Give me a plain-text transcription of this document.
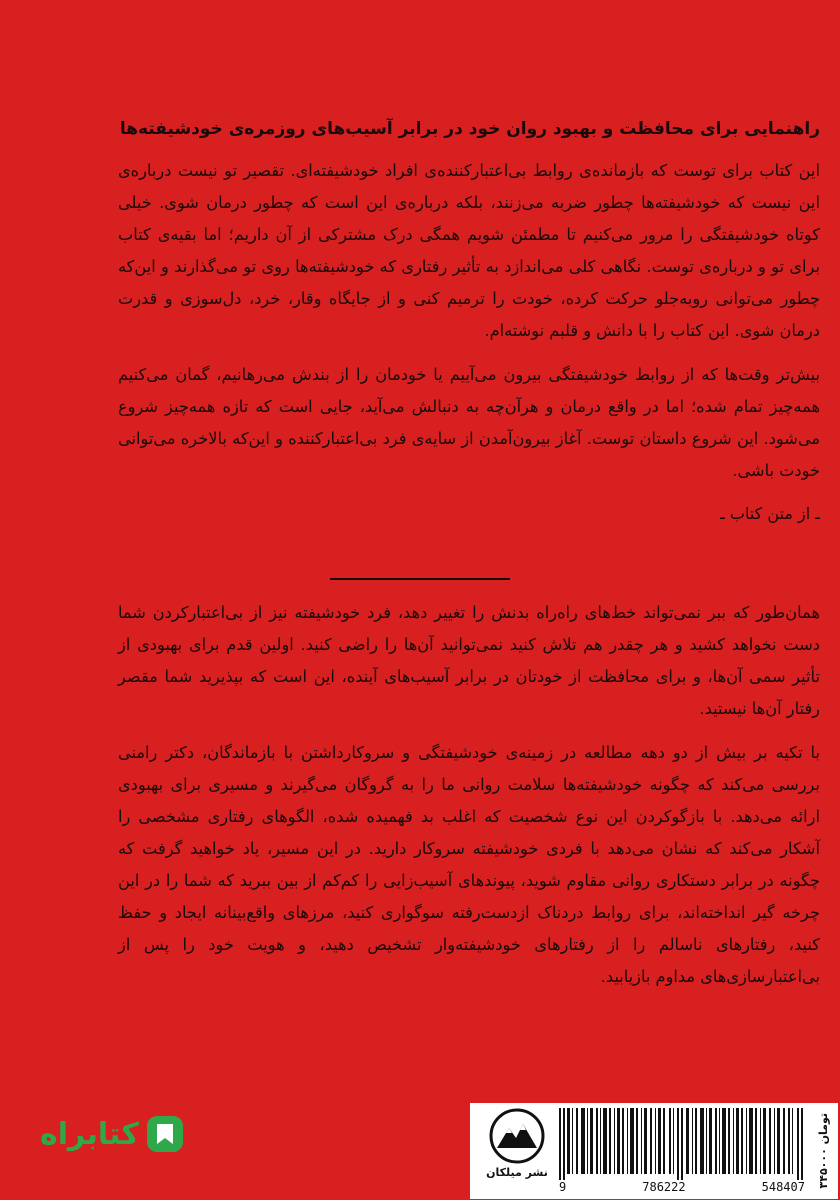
راهنمایی برای محافظت و بهبود روان خود در برابر آسیب‌های روزمره‌ی خودشیفته‌ها

این کتاب برای توست که بازمانده‌ی روابط بی‌اعتبارکننده‌ی افراد خودشیفته‌ای. تقصیر تو نیست درباره‌ی این نیست که خودشیفته‌ها چطور ضربه می‌زنند، بلکه درباره‌ی این است که چطور درمان شوی. خیلی کوتاه خودشیفتگی را مرور می‌کنیم تا مطمئن شویم همگی درک مشترکی از آن داریم؛ اما بقیه‌ی کتاب برای تو و درباره‌ی توست. نگاهی کلی می‌اندازد به تأثیر رفتاری که خودشیفته‌ها روی تو می‌گذارند و این‌که چطور می‌توانی روبه‌جلو حرکت کرده، خودت را ترمیم کنی و از جایگاه وقار، خرد، دل‌سوزی و قدرت درمان شوی. این کتاب را با دانش و قلبم نوشته‌ام.

بیش‌تر وقت‌ها که از روابط خودشیفتگی بیرون می‌آییم یا خودمان را از بندش می‌رهانیم، گمان می‌کنیم همه‌چیز تمام شده؛ اما در واقع درمان و هرآن‌چه به دنبالش می‌آید، جایی است که تازه همه‌چیز شروع می‌شود. این شروع داستان توست. آغاز بیرون‌آمدن از سایه‌ی فرد بی‌اعتبارکننده و این‌که بالاخره می‌توانی خودت باشی.

ـ از متن کتاب ـ

همان‌طور که ببر نمی‌تواند خط‌های راه‌راه بدنش را تغییر دهد، فرد خودشیفته نیز از بی‌اعتبارکردن شما دست نخواهد کشید و هر چقدر هم تلاش کنید نمی‌توانید آن‌ها را راضی کنید. اولین قدم برای بهبودی از تأثیر سمی آن‌ها، و برای محافظت از خودتان در برابر آسیب‌های آینده، این است که بپذیرید شما مقصر رفتار آن‌ها نیستید.

با تکیه بر بیش از دو دهه مطالعه در زمینه‌ی خودشیفتگی و سروکارداشتن با بازماندگان، دکتر رامنی بررسی می‌کند که چگونه خودشیفته‌ها سلامت روانی ما را به گروگان می‌گیرند و مسیری برای بهبودی ارائه می‌دهد. با بازگوکردن این نوع شخصیت که اغلب بد فهمیده شده، الگوهای رفتاری مشخصی را آشکار می‌کند که نشان می‌دهد با فردی خودشیفته سروکار دارید. در این مسیر، یاد خواهید گرفت که چگونه در برابر دستکاری روانی مقاوم شوید، پیوندهای آسیب‌زایی را کم‌کم از بین ببرید که شما را در این چرخه گیر انداخته‌اند، برای روابط دردناک ازدست‌رفته سوگواری کنید، مرزهای واقع‌بینانه ایجاد و حفظ کنید، رفتارهای ناسالم را از رفتارهای خودشیفته‌وار تشخیص دهید، و هویت خود را پس از بی‌اعتبارسازی‌های مداوم بازیابید.

کتابراه
نشر میلکان
9	786222	548407 ۳۴۵۰۰۰ تومان
